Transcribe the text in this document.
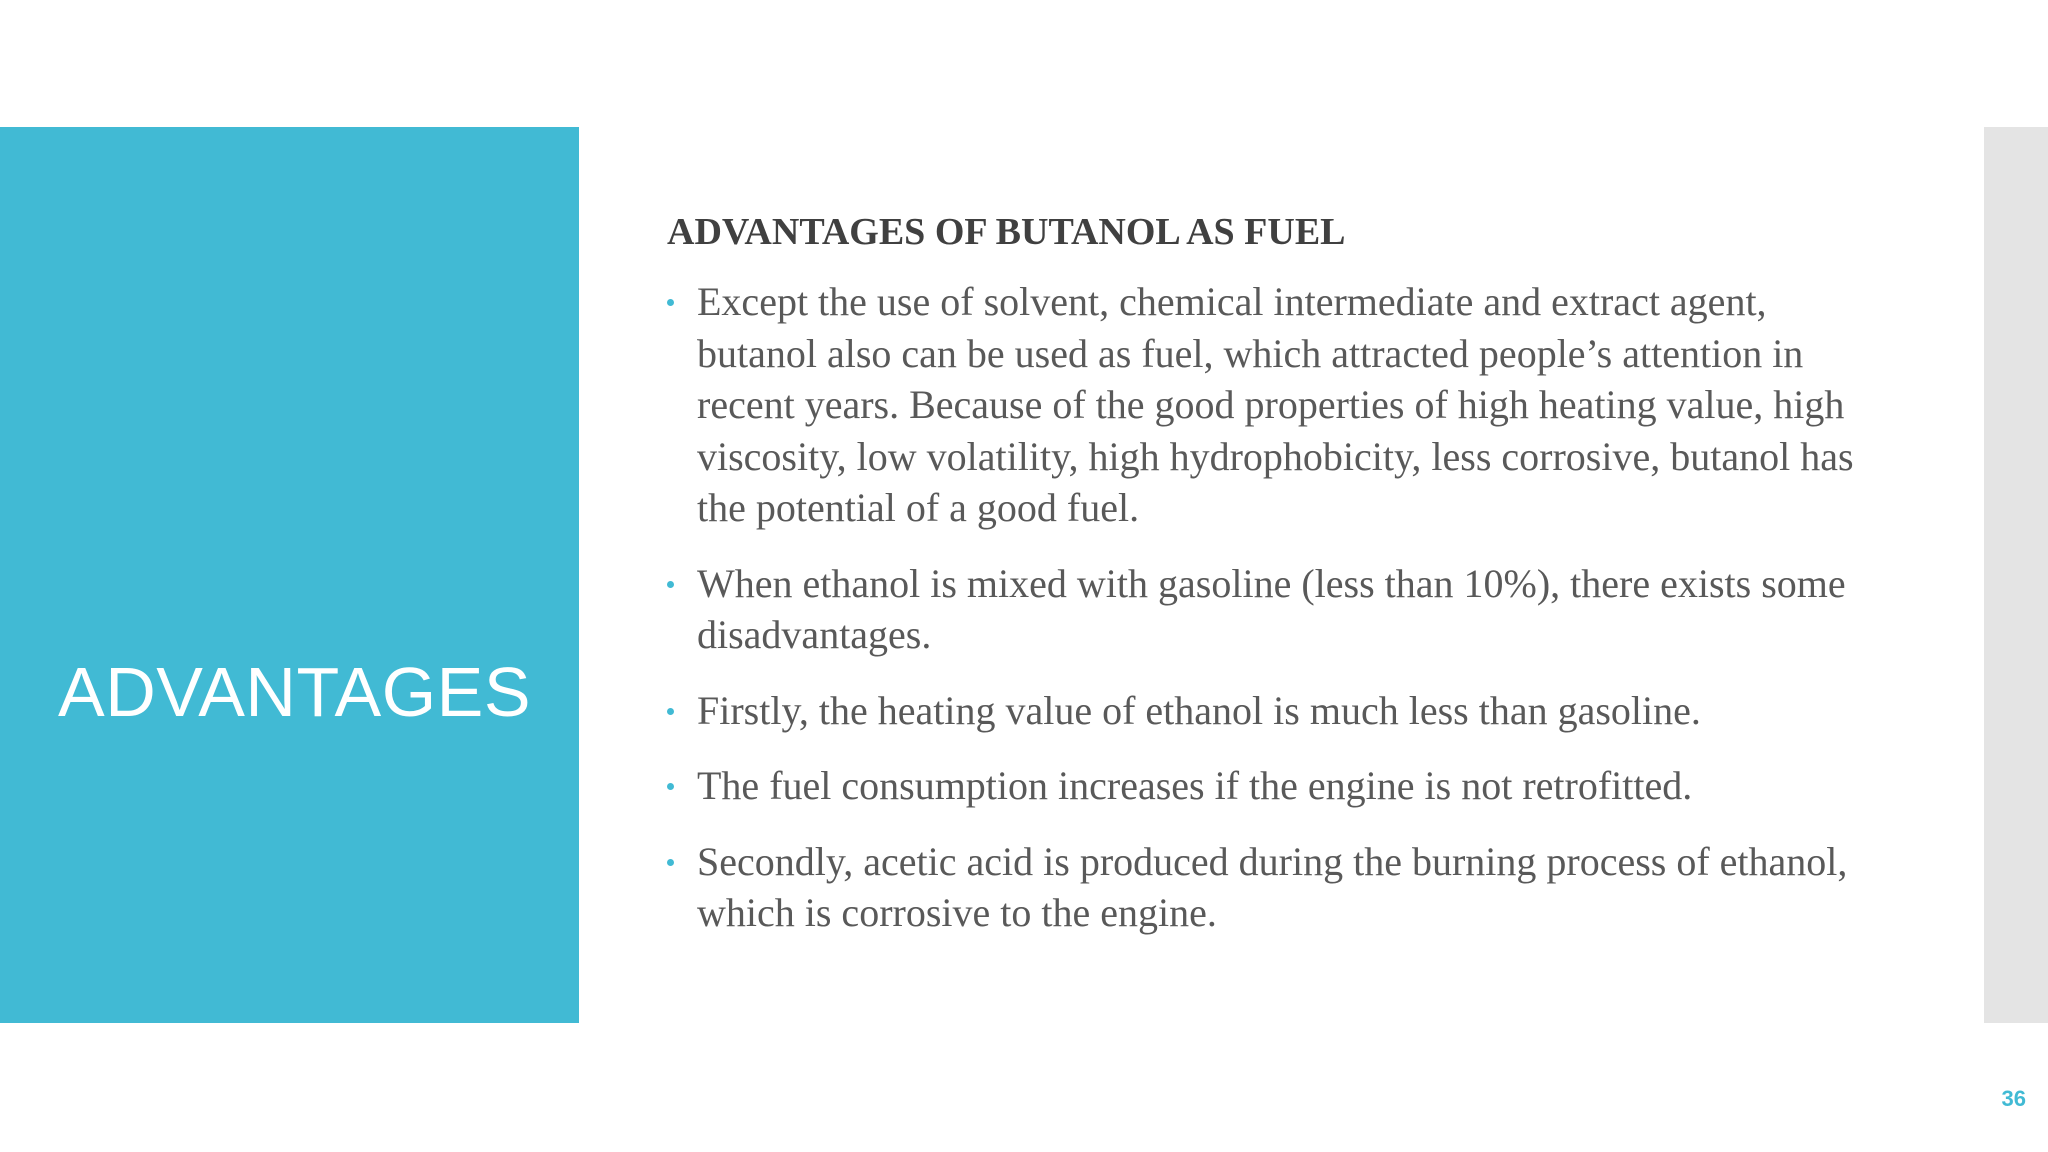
ADVANTAGES
ADVANTAGES OF BUTANOL AS FUEL
Except the use of solvent, chemical intermediate and extract agent, butanol also can be used as fuel, which attracted people’s attention in recent years. Because of the good properties of high heating value, high viscosity, low volatility, high hydrophobicity, less corrosive, butanol has the potential of a good fuel.
When ethanol is mixed with gasoline (less than 10%), there exists some disadvantages.
Firstly, the heating value of ethanol is much less than gasoline.
The fuel consumption increases if the engine is not retrofitted.
Secondly, acetic acid is produced during the burning process of ethanol, which is corrosive to the engine.
36
